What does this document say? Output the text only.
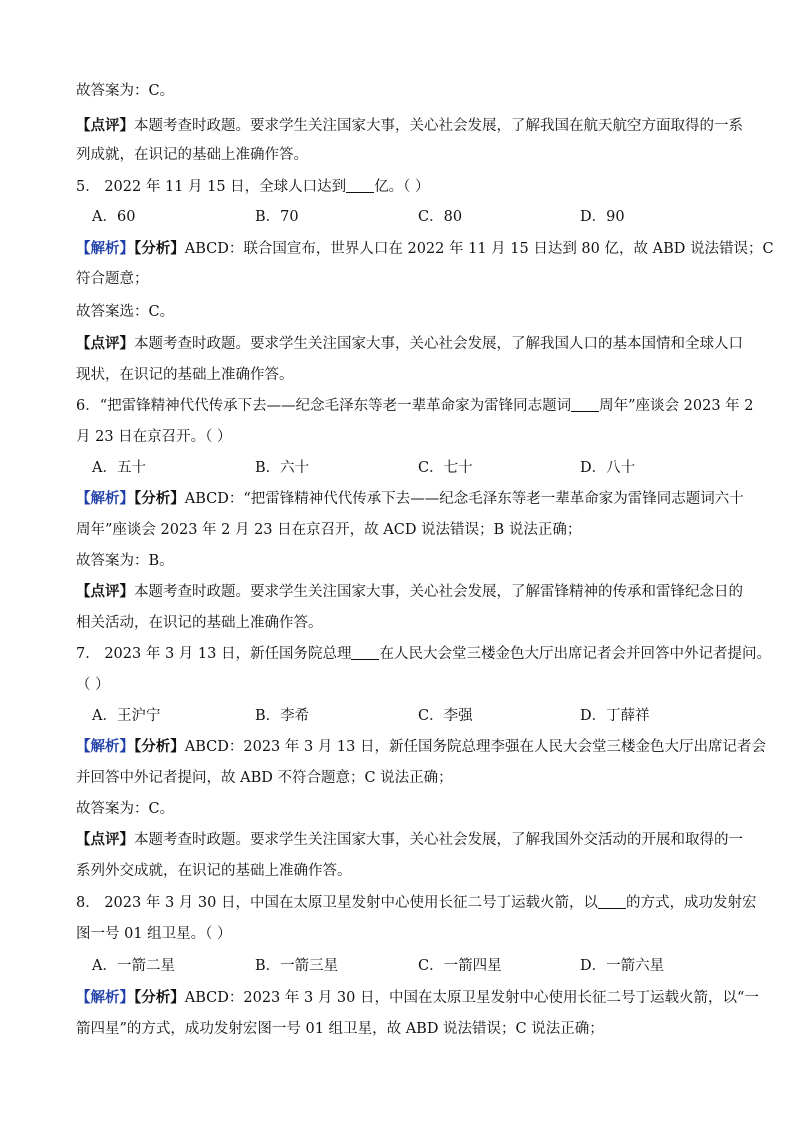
故答案为：C。
【点评】本题考查时政题。要求学生关注国家大事，关心社会发展，了解我国在航天航空方面取得的一系
列成就，在识记的基础上准确作答。
5． 2022 年 11 月 15 日，全球人口达到 亿。（ ）
A．60	B．70	C．80	D．90
【解析】【分析】ABCD：联合国宣布，世界人口在 2022 年 11 月 15 日达到 80 亿，故 ABD 说法错误；C
符合题意；
故答案选：C。
【点评】本题考查时政题。要求学生关注国家大事，关心社会发展，了解我国人口的基本国情和全球人口
现状，在识记的基础上准确作答。
6．“把雷锋精神代代传承下去——纪念毛泽东等老一辈革命家为雷锋同志题词 周年”座谈会 2023 年 2
月 23 日在京召开。（ ）
A．五十	B．六十	C．七十	D．八十
【解析】【分析】ABCD：“把雷锋精神代代传承下去——纪念毛泽东等老一辈革命家为雷锋同志题词六十
周年”座谈会 2023 年 2 月 23 日在京召开，故 ACD 说法错误；B 说法正确；
故答案为：B。
【点评】本题考查时政题。要求学生关注国家大事，关心社会发展，了解雷锋精神的传承和雷锋纪念日的
相关活动，在识记的基础上准确作答。
7． 2023 年 3 月 13 日，新任国务院总理 在人民大会堂三楼金色大厅出席记者会并回答中外记者提问。
（ ）
A．王沪宁	B．李希	C．李强	D．丁薛祥
【解析】【分析】ABCD：2023 年 3 月 13 日，新任国务院总理李强在人民大会堂三楼金色大厅出席记者会
并回答中外记者提问，故 ABD 不符合题意；C 说法正确；
故答案为：C。
【点评】本题考查时政题。要求学生关注国家大事，关心社会发展，了解我国外交活动的开展和取得的一
系列外交成就，在识记的基础上准确作答。
8． 2023 年 3 月 30 日，中国在太原卫星发射中心使用长征二号丁运载火箭，以 的方式，成功发射宏
图一号 01 组卫星。（ ）
A．一箭二星	B．一箭三星	C．一箭四星	D．一箭六星
【解析】【分析】ABCD：2023 年 3 月 30 日，中国在太原卫星发射中心使用长征二号丁运载火箭，以“一
箭四星”的方式，成功发射宏图一号 01 组卫星，故 ABD 说法错误；C 说法正确；
